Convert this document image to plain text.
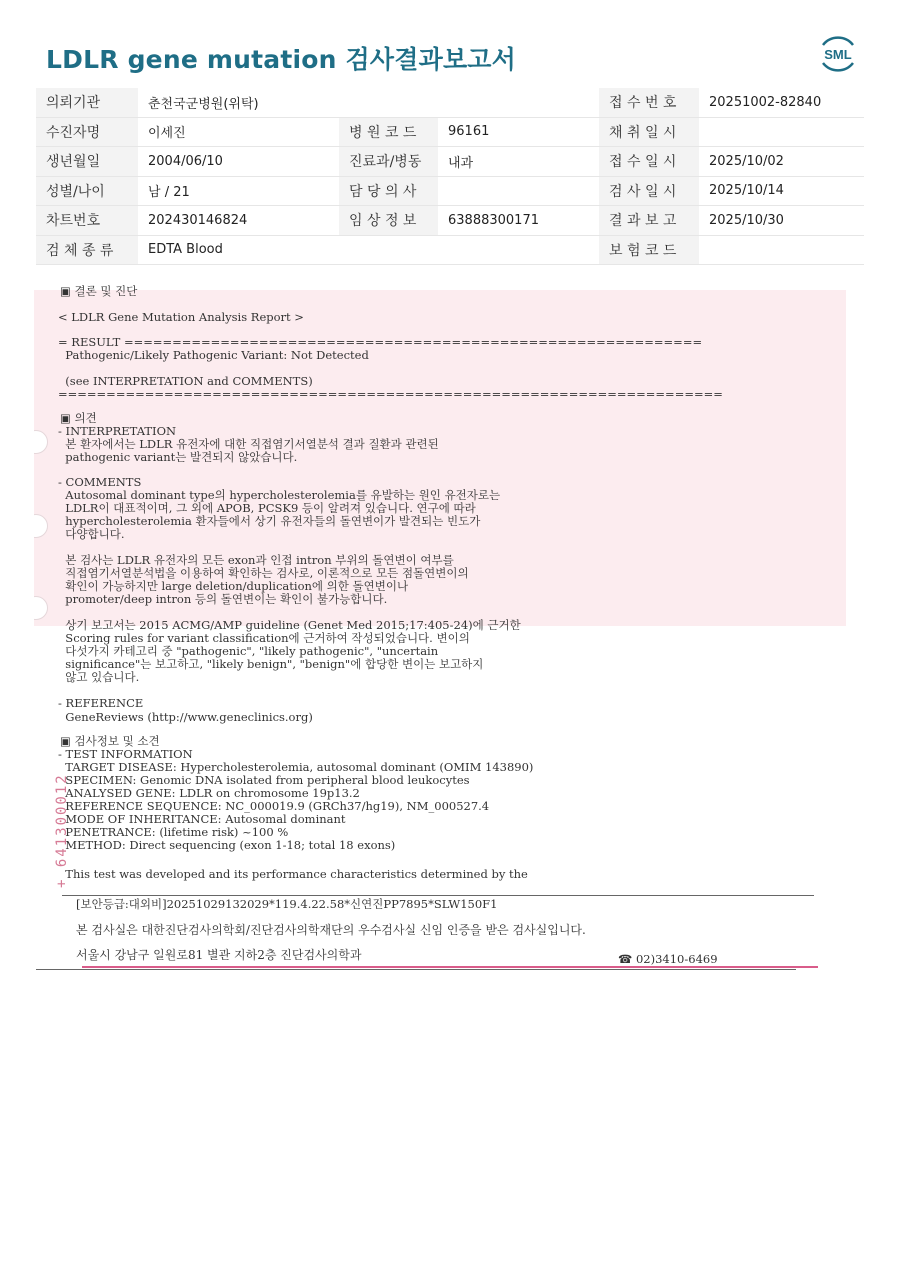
LDLR gene mutation 검사결과보고서	SML
의뢰기관	춘천국군병원(위탁)			접 수 번 호	20251002-82840
수진자명	이세진	병 원 코 드	96161	채 취 일 시	
생년월일	2004/06/10	진료과/병동	내과	접 수 일 시	2025/10/02
성별/나이	남 / 21	담 당 의 사		검 사 일 시	2025/10/14
차트번호	202430146824	임 상 정 보	63888300171	결 과 보 고	2025/10/30
검 체 종 류	EDTA Blood			보 험 코 드	
▣ 결론 및 진단
< LDLR Gene Mutation Analysis Report >
= RESULT ============================================================
Pathogenic/Likely Pathogenic Variant: Not Detected
(see INTERPRETATION and COMMENTS)
=====================================================================
▣ 의견
- INTERPRETATION
본 환자에서는 LDLR 유전자에 대한 직접염기서열분석 결과 질환과 관련된
pathogenic variant는 발견되지 않았습니다.
- COMMENTS
Autosomal dominant type의 hypercholesterolemia를 유발하는 원인 유전자로는
LDLR이 대표적이며, 그 외에 APOB, PCSK9 등이 알려져 있습니다. 연구에 따라
hypercholesterolemia 환자들에서 상기 유전자들의 돌연변이가 발견되는 빈도가
다양합니다.
본 검사는 LDLR 유전자의 모든 exon과 인접 intron 부위의 돌연변이 여부를
직접염기서열분석법을 이용하여 확인하는 검사로, 이론적으로 모든 점돌연변이의
확인이 가능하지만 large deletion/duplication에 의한 돌연변이나
promoter/deep intron 등의 돌연변이는 확인이 불가능합니다.
상기 보고서는 2015 ACMG/AMP guideline (Genet Med 2015;17:405-24)에 근거한
Scoring rules for variant classification에 근거하여 작성되었습니다. 변이의
다섯가지 카테고리 중 "pathogenic", "likely pathogenic", "uncertain
significance"는 보고하고, "likely benign", "benign"에 합당한 변이는 보고하지
않고 있습니다.
- REFERENCE
GeneReviews (http://www.geneclinics.org)
▣ 검사정보 및 소견
- TEST INFORMATION
TARGET DISEASE: Hypercholesterolemia, autosomal dominant (OMIM 143890)
SPECIMEN: Genomic DNA isolated from peripheral blood leukocytes
ANALYSED GENE: LDLR on chromosome 19p13.2
REFERENCE SEQUENCE: NC_000019.9 (GRCh37/hg19), NM_000527.4
MODE OF INHERITANCE: Autosomal dominant
PENETRANCE: (lifetime risk) ~100 %
METHOD: Direct sequencing (exon 1-18; total 18 exons)
This test was developed and its performance characteristics determined by the
+ 641300012
[보안등급:대외비]20251029132029*119.4.22.58*신연진PP7895*SLW150F1
본 검사실은 대한진단검사의학회/진단검사의학재단의 우수검사실 신임 인증을 받은 검사실입니다.
서울시 강남구 일원로81 별관 지하2층 진단검사의학과	☎ 02)3410-6469
